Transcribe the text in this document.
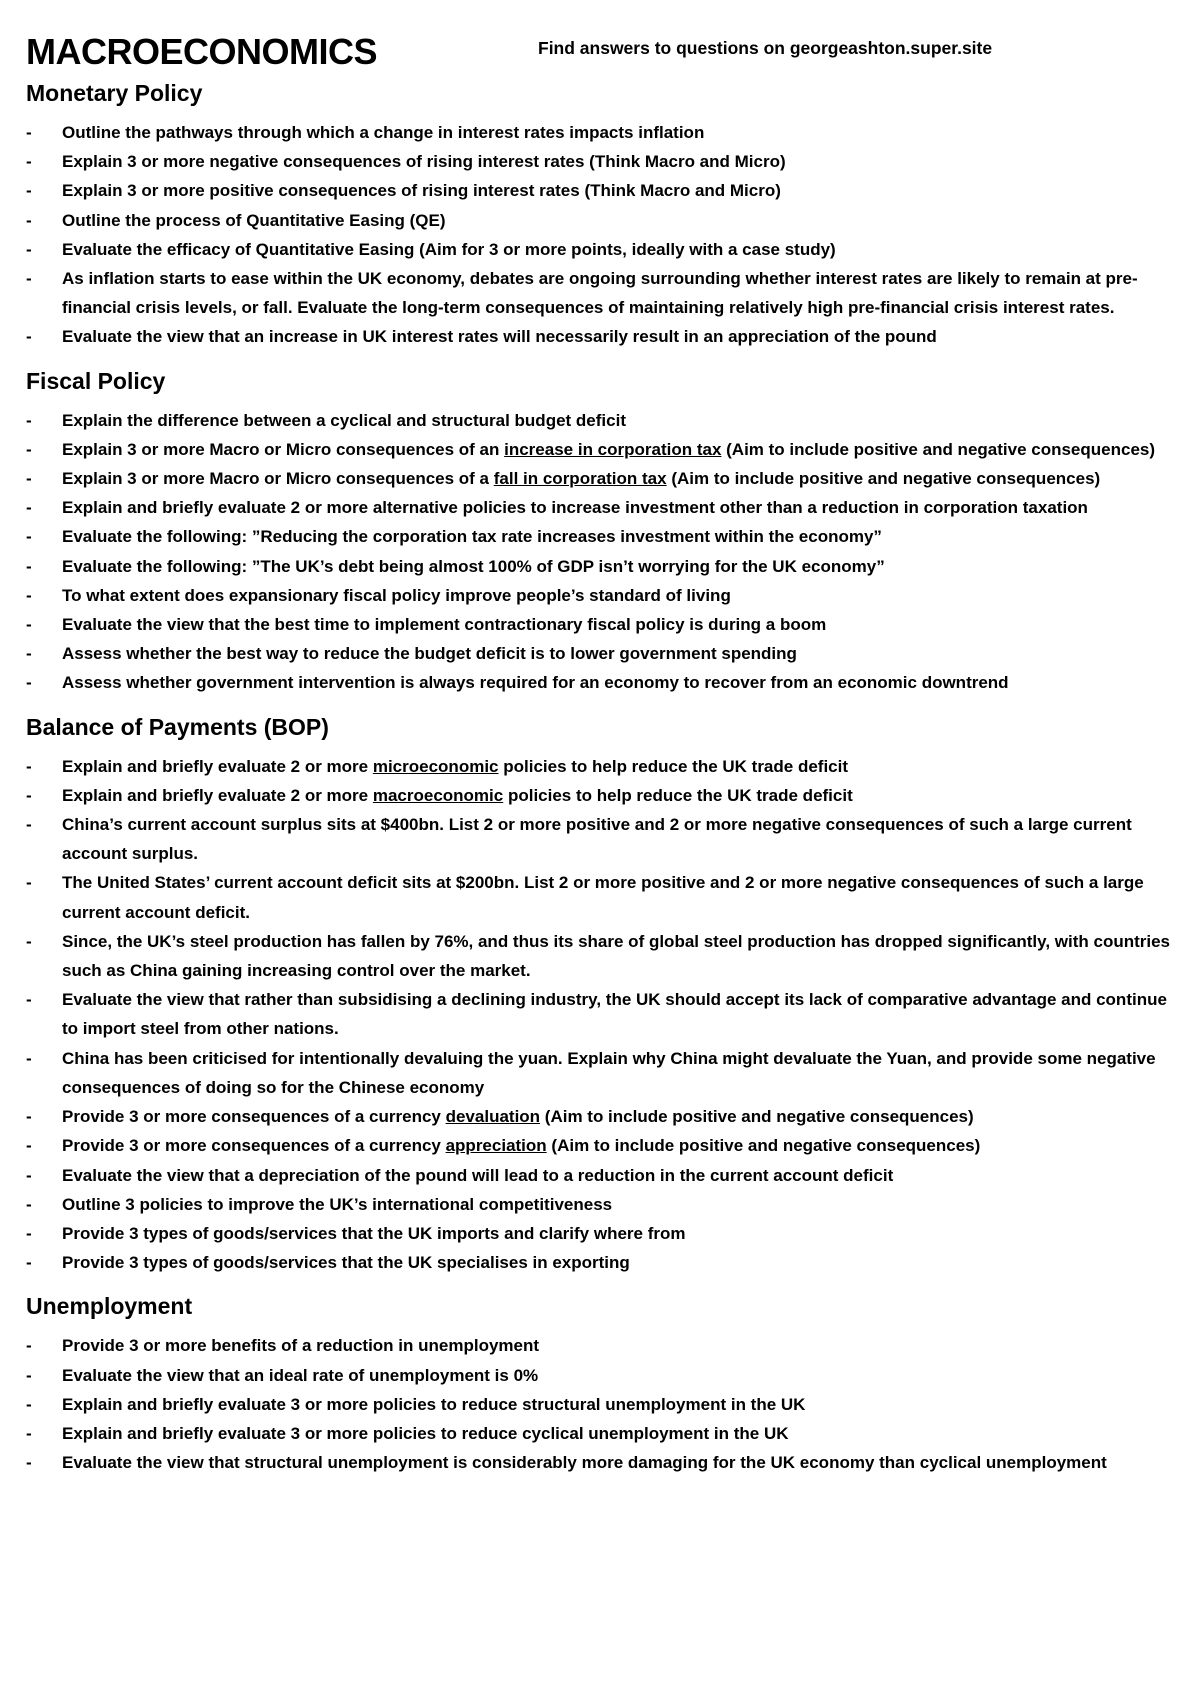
MACROECONOMICS	Find answers to questions on georgeashton.super.site
Monetary Policy
- Outline the pathways through which a change in interest rates impacts inflation
- Explain 3 or more negative consequences of rising interest rates (Think Macro and Micro)
- Explain 3 or more positive consequences of rising interest rates (Think Macro and Micro)
- Outline the process of Quantitative Easing (QE)
- Evaluate the efficacy of Quantitative Easing (Aim for 3 or more points, ideally with a case study)
- As inflation starts to ease within the UK economy, debates are ongoing surrounding whether interest rates are likely to remain at pre-financial crisis levels, or fall. Evaluate the long-term consequences of maintaining relatively high pre-financial crisis interest rates.
- Evaluate the view that an increase in UK interest rates will necessarily result in an appreciation of the pound
Fiscal Policy
- Explain the difference between a cyclical and structural budget deficit
- Explain 3 or more Macro or Micro consequences of an increase in corporation tax (Aim to include positive and negative consequences)
- Explain 3 or more Macro or Micro consequences of a fall in corporation tax (Aim to include positive and negative consequences)
- Explain and briefly evaluate 2 or more alternative policies to increase investment other than a reduction in corporation taxation
- Evaluate the following: ”Reducing the corporation tax rate increases investment within the economy”
- Evaluate the following: ”The UK’s debt being almost 100% of GDP isn’t worrying for the UK economy”
- To what extent does expansionary fiscal policy improve people’s standard of living
- Evaluate the view that the best time to implement contractionary fiscal policy is during a boom
- Assess whether the best way to reduce the budget deficit is to lower government spending
- Assess whether government intervention is always required for an economy to recover from an economic downtrend
Balance of Payments (BOP)
- Explain and briefly evaluate 2 or more microeconomic policies to help reduce the UK trade deficit
- Explain and briefly evaluate 2 or more macroeconomic policies to help reduce the UK trade deficit
- China’s current account surplus sits at $400bn. List 2 or more positive and 2 or more negative consequences of such a large current account surplus.
- The United States’ current account deficit sits at $200bn. List 2 or more positive and 2 or more negative consequences of such a large current account deficit.
- Since, the UK’s steel production has fallen by 76%, and thus its share of global steel production has dropped significantly, with countries such as China gaining increasing control over the market.
- Evaluate the view that rather than subsidising a declining industry, the UK should accept its lack of comparative advantage and continue to import steel from other nations.
- China has been criticised for intentionally devaluing the yuan. Explain why China might devaluate the Yuan, and provide some negative consequences of doing so for the Chinese economy
- Provide 3 or more consequences of a currency devaluation (Aim to include positive and negative consequences)
- Provide 3 or more consequences of a currency appreciation (Aim to include positive and negative consequences)
- Evaluate the view that a depreciation of the pound will lead to a reduction in the current account deficit
- Outline 3 policies to improve the UK’s international competitiveness
- Provide 3 types of goods/services that the UK imports and clarify where from
- Provide 3 types of goods/services that the UK specialises in exporting
Unemployment
- Provide 3 or more benefits of a reduction in unemployment
- Evaluate the view that an ideal rate of unemployment is 0%
- Explain and briefly evaluate 3 or more policies to reduce structural unemployment in the UK
- Explain and briefly evaluate 3 or more policies to reduce cyclical unemployment in the UK
- Evaluate the view that structural unemployment is considerably more damaging for the UK economy than cyclical unemployment
